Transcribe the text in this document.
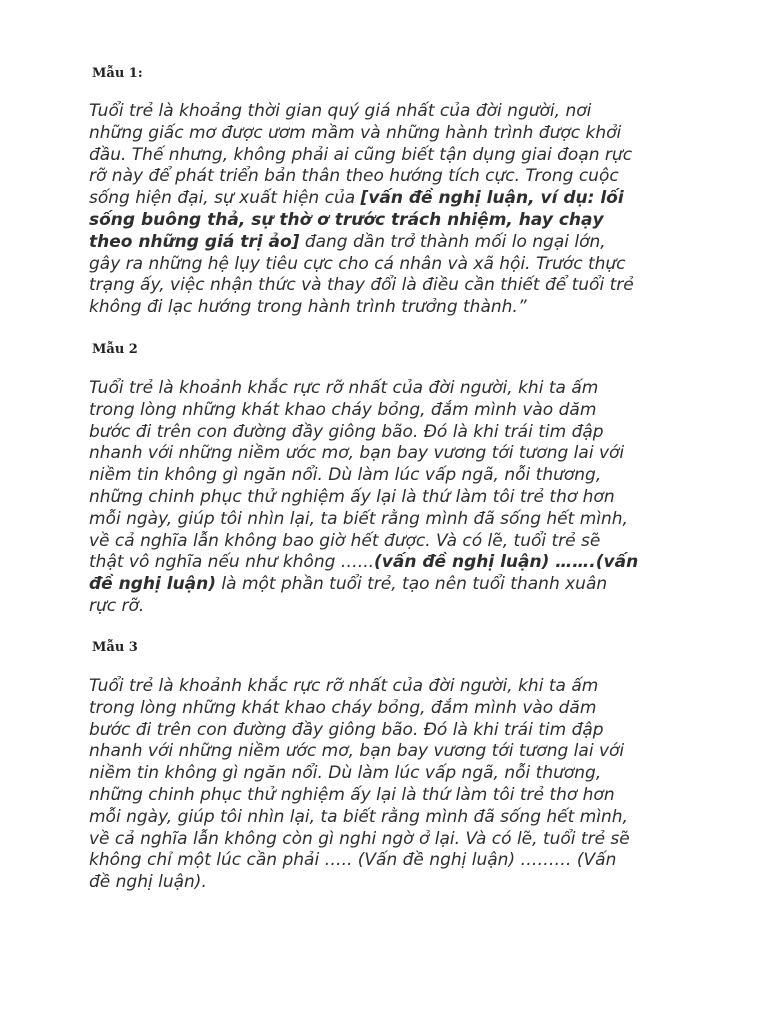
Mẫu 1:

Tuổi trẻ là khoảng thời gian quý giá nhất của đời người, nơi
những giấc mơ được ươm mầm và những hành trình được khởi
đầu. Thế nhưng, không phải ai cũng biết tận dụng giai đoạn rực
rỡ này để phát triển bản thân theo hướng tích cực. Trong cuộc
sống hiện đại, sự xuất hiện của [vấn đề nghị luận, ví dụ: lối
sống buông thả, sự thờ ơ trước trách nhiệm, hay chạy
theo những giá trị ảo] đang dần trở thành mối lo ngại lớn,
gây ra những hệ lụy tiêu cực cho cá nhân và xã hội. Trước thực
trạng ấy, việc nhận thức và thay đổi là điều cần thiết để tuổi trẻ
không đi lạc hướng trong hành trình trưởng thành.”

Mẫu 2

Tuổi trẻ là khoảnh khắc rực rỡ nhất của đời người, khi ta ấm
trong lòng những khát khao cháy bỏng, đắm mình vào dăm
bước đi trên con đường đầy giông bão. Đó là khi trái tim đập
nhanh với những niềm ước mơ, bạn bay vương tới tương lai với
niềm tin không gì ngăn nổi. Dù làm lúc vấp ngã, nỗi thương,
những chinh phục thử nghiệm ấy lại là thứ làm tôi trẻ thơ hơn
mỗi ngày, giúp tôi nhìn lại, ta biết rằng mình đã sống hết mình,
về cả nghĩa lẫn không bao giờ hết được. Và có lẽ, tuổi trẻ sẽ
thật vô nghĩa nếu như không …...(vấn đề nghị luận) …….(vấn
đề nghị luận) là một phần tuổi trẻ, tạo nên tuổi thanh xuân
rực rỡ.

Mẫu 3

Tuổi trẻ là khoảnh khắc rực rỡ nhất của đời người, khi ta ấm
trong lòng những khát khao cháy bỏng, đắm mình vào dăm
bước đi trên con đường đầy giông bão. Đó là khi trái tim đập
nhanh với những niềm ước mơ, bạn bay vương tới tương lai với
niềm tin không gì ngăn nổi. Dù làm lúc vấp ngã, nỗi thương,
những chinh phục thử nghiệm ấy lại là thứ làm tôi trẻ thơ hơn
mỗi ngày, giúp tôi nhìn lại, ta biết rằng mình đã sống hết mình,
về cả nghĩa lẫn không còn gì nghi ngờ ở lại. Và có lẽ, tuổi trẻ sẽ
không chỉ một lúc cần phải ….. (Vấn đề nghị luận) ……… (Vấn
đề nghị luận).
